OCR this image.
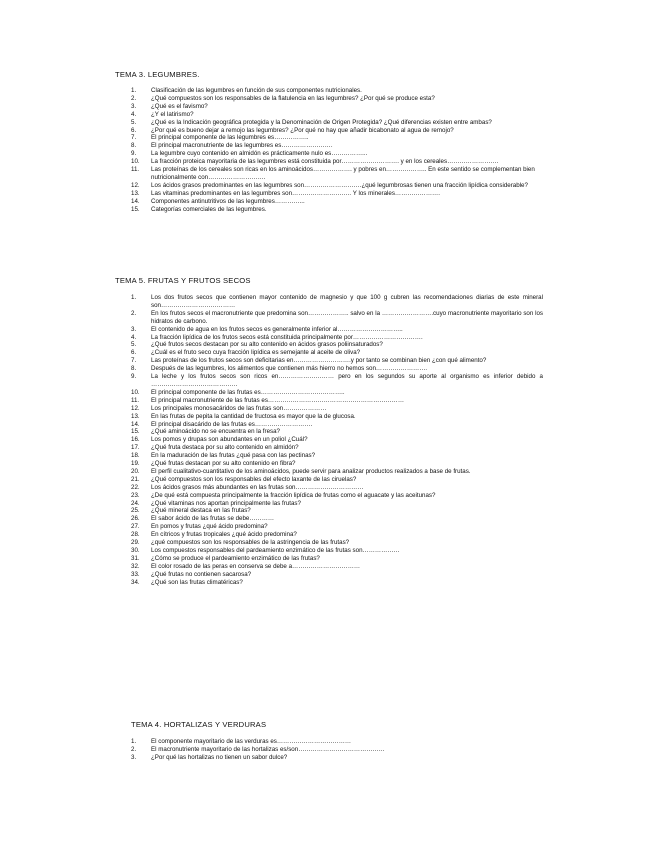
TEMA 3. LEGUMBRES.
1.	Clasificación de las legumbres en función de sus componentes nutricionales.
2.	¿Qué compuestos son los responsables de la flatulencia en las legumbres? ¿Por qué se produce esta?
3.	¿Qué es el favismo?
4.	¿Y el latirismo?
5.	¿Qué es la Indicación geográfica protegida y la Denominación de Origen Protegida? ¿Qué diferencias existen entre ambas?
6.	¿Por qué es bueno dejar a remojo las legumbres? ¿Por qué no hay que añadir bicabonato al agua de remojo?
7.	El principal componente de las legumbres es……………..
8.	El principal macronutriente de las legumbres es…………………….
9.	La legumbre cuyo contenido en almidón es prácticamente nulo es……………...
10.	La fracción proteica mayoritaria de las legumbres está constituida por………………………. y en los cereales…………………….
11.	Las proteínas de los cereales son ricas en los aminoácidos………………. y pobres en……………….. En este sentido se complementan bien nutricionalmente con……………………….
12.	Los ácidos grasos predominantes en las legumbres son……………………….¿qué legumbrosas tienen una fracción lipídica considerable?
13.	Las vitaminas predominantes en las legumbres son……………………….. Y los minerales………………….
14.	Componentes antinutritivos de las legumbres…………...
15.	Categorías comerciales de las legumbres.
TEMA 5. FRUTAS Y FRUTOS SECOS
1.	Los dos frutos secos que contienen mayor contenido de magnesio y que 100 g cubren las recomendaciones diarias de este mineral son………………………………
2.	En los frutos secos el macronutriente que predomina son……………….. salvo en la …………………….cuyo macronutriente mayoritario son los hidratos de carbono.
3.	El contenido de agua en los frutos secos es generalmente inferior al…………………………..
4.	La fracción lipídica de los frutos secos está constituida principalmente por…………………………….
5.	¿Qué frutos secos destacan por su alto contenido en ácidos grasos poliinsaturados?
6.	¿Cuál es el fruto seco cuya fracción lipídica es semejante al aceite de oliva?
7.	Las proteínas de los frutos secos son deficitarias en……………………….y por tanto se combinan bien ¿con qué alimento?
8.	Después de las legumbres, los alimentos que contienen más hierro no hemos son…………………….
9.	La leche y los frutos secos son ricos en……………………… pero en los segundos su aporte al organismo es inferior debido a ……………………………………
10.	El principal componente de las frutas es…………………………………..
11.	El principal macronutriente de las frutas es…………………………………………………………
12.	Los principales monosacáridos de las frutas son…………………
13.	En las frutas de pepita la cantidad de fructosa es mayor que la de glucosa.
14.	El principal disacárido de las frutas es……………………….
15.	¿Qué aminoácido no se encuentra en la fresa?
16.	Los pomos y drupas son abundantes en un poliol ¿Cuál?
17.	¿Qué fruta destaca por su alto contenido en almidón?
18.	En la maduración de las frutas ¿qué pasa con las pectinas?
19.	¿Qué frutas destacan por su alto contenido en fibra?
20.	El perfil cualitativo-cuantitativo de los aminoácidos, puede servir para analizar productos realizados a base de frutas.
21.	¿Qué compuestos son los responsables del efecto laxante de las ciruelas?
22.	Los ácidos grasos más abundantes en las frutas son……………………………
23.	¿De qué está compuesta principalmente la fracción lipídica de frutas como el aguacate y las aceitunas?
24.	¿Qué vitaminas nos aportan principalmente las frutas?
25.	¿Qué mineral destaca en las frutas?
26.	El sabor ácido de las frutas se debe…………
27.	En pomos y frutas ¿qué ácido predomina?
28.	En cítricos y frutas tropicales ¿qué ácido predomina?
29.	¿qué compuestos son los responsables de la astringencia de las frutas?
30.	Los compuestos responsables del pardeamiento enzimático de las frutas son………………
31.	¿Cómo se produce el pardeamiento enzimático de las frutas?
32.	El color rosado de las peras en conserva se debe a……………………………
33.	¿Qué frutas no contienen sacarosa?
34.	¿Qué son las frutas climatéricas?
TEMA 4. HORTALIZAS Y VERDURAS
1.	El componente mayoritario de las verduras es………………………………
2.	El macronutriente mayoritario de las hortalizas es/son……………………………………
3.	¿Por qué las hortalizas no tienen un sabor dulce?
